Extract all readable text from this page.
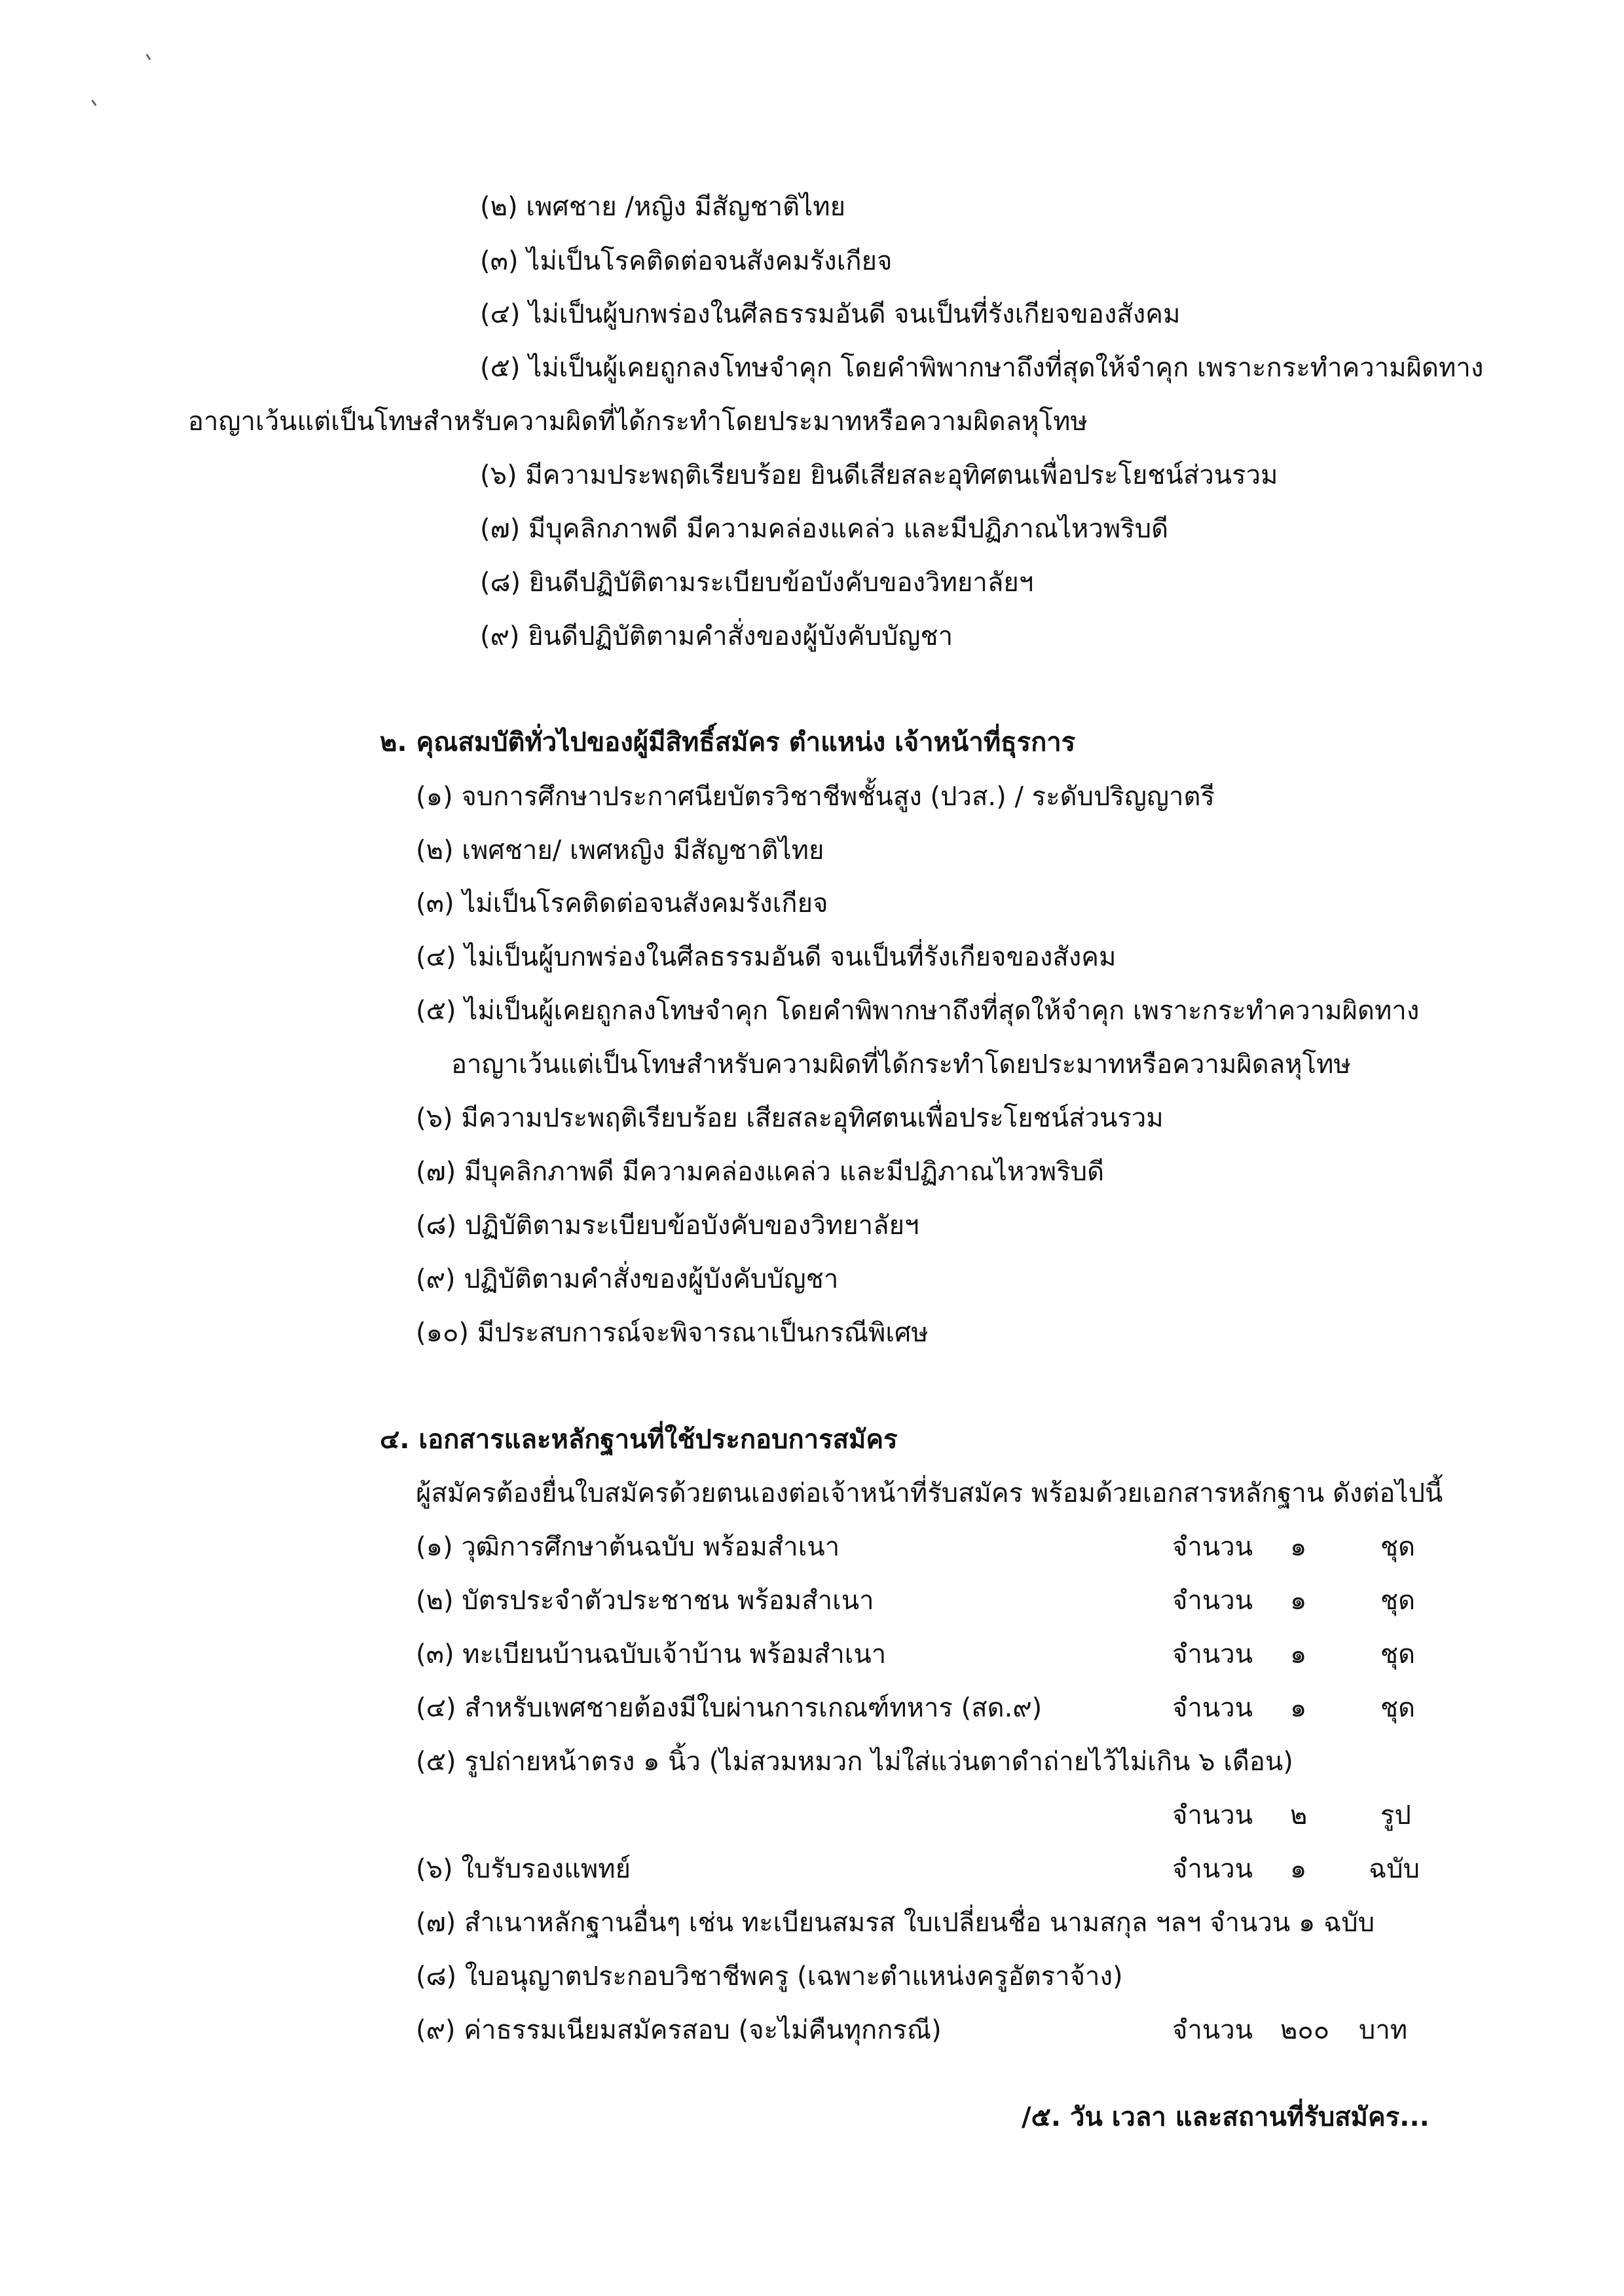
(๒) เพศชาย /หญิง มีสัญชาติไทย
(๓) ไม่เป็นโรคติดต่อจนสังคมรังเกียจ
(๔) ไม่เป็นผู้บกพร่องในศีลธรรมอันดี จนเป็นที่รังเกียจของสังคม
(๕) ไม่เป็นผู้เคยถูกลงโทษจำคุก โดยคำพิพากษาถึงที่สุดให้จำคุก เพราะกระทำความผิดทาง
อาญาเว้นแต่เป็นโทษสำหรับความผิดที่ได้กระทำโดยประมาทหรือความผิดลหุโทษ
(๖) มีความประพฤติเรียบร้อย ยินดีเสียสละอุทิศตนเพื่อประโยชน์ส่วนรวม
(๗) มีบุคลิกภาพดี มีความคล่องแคล่ว และมีปฏิภาณไหวพริบดี
(๘) ยินดีปฏิบัติตามระเบียบข้อบังคับของวิทยาลัยฯ
(๙) ยินดีปฏิบัติตามคำสั่งของผู้บังคับบัญชา
๒. คุณสมบัติทั่วไปของผู้มีสิทธิ์สมัคร ตำแหน่ง เจ้าหน้าที่ธุรการ
(๑) จบการศึกษาประกาศนียบัตรวิชาชีพชั้นสูง (ปวส.) / ระดับปริญญาตรี
(๒) เพศชาย/ เพศหญิง มีสัญชาติไทย
(๓) ไม่เป็นโรคติดต่อจนสังคมรังเกียจ
(๔) ไม่เป็นผู้บกพร่องในศีลธรรมอันดี จนเป็นที่รังเกียจของสังคม
(๕) ไม่เป็นผู้เคยถูกลงโทษจำคุก โดยคำพิพากษาถึงที่สุดให้จำคุก เพราะกระทำความผิดทาง
อาญาเว้นแต่เป็นโทษสำหรับความผิดที่ได้กระทำโดยประมาทหรือความผิดลหุโทษ
(๖) มีความประพฤติเรียบร้อย เสียสละอุทิศตนเพื่อประโยชน์ส่วนรวม
(๗) มีบุคลิกภาพดี มีความคล่องแคล่ว และมีปฏิภาณไหวพริบดี
(๘) ปฏิบัติตามระเบียบข้อบังคับของวิทยาลัยฯ
(๙) ปฏิบัติตามคำสั่งของผู้บังคับบัญชา
(๑๐) มีประสบการณ์จะพิจารณาเป็นกรณีพิเศษ
๔. เอกสารและหลักฐานที่ใช้ประกอบการสมัคร
ผู้สมัครต้องยื่นใบสมัครด้วยตนเองต่อเจ้าหน้าที่รับสมัคร พร้อมด้วยเอกสารหลักฐาน ดังต่อไปนี้
(๑) วุฒิการศึกษาต้นฉบับ พร้อมสำเนา	จำนวน ๑	ชุด
(๒) บัตรประจำตัวประชาชน พร้อมสำเนา	จำนวน ๑	ชุด
(๓) ทะเบียนบ้านฉบับเจ้าบ้าน พร้อมสำเนา	จำนวน ๑	ชุด
(๔) สำหรับเพศชายต้องมีใบผ่านการเกณฑ์ทหาร (สด.๙)	จำนวน ๑	ชุด
(๕) รูปถ่ายหน้าตรง ๑ นิ้ว (ไม่สวมหมวก ไม่ใส่แว่นตาดำถ่ายไว้ไม่เกิน ๖ เดือน)
จำนวน ๒	รูป
(๖) ใบรับรองแพทย์	จำนวน ๑ ฉบับ
(๗) สำเนาหลักฐานอื่นๆ เช่น ทะเบียนสมรส ใบเปลี่ยนชื่อ นามสกุล ฯลฯ จำนวน ๑ ฉบับ
(๘) ใบอนุญาตประกอบวิชาชีพครู (เฉพาะตำแหน่งครูอัตราจ้าง)
(๙) ค่าธรรมเนียมสมัครสอบ (จะไม่คืนทุกกรณี)	จำนวน ๒๐๐ บาท
/๕. วัน เวลา และสถานที่รับสมัคร...
